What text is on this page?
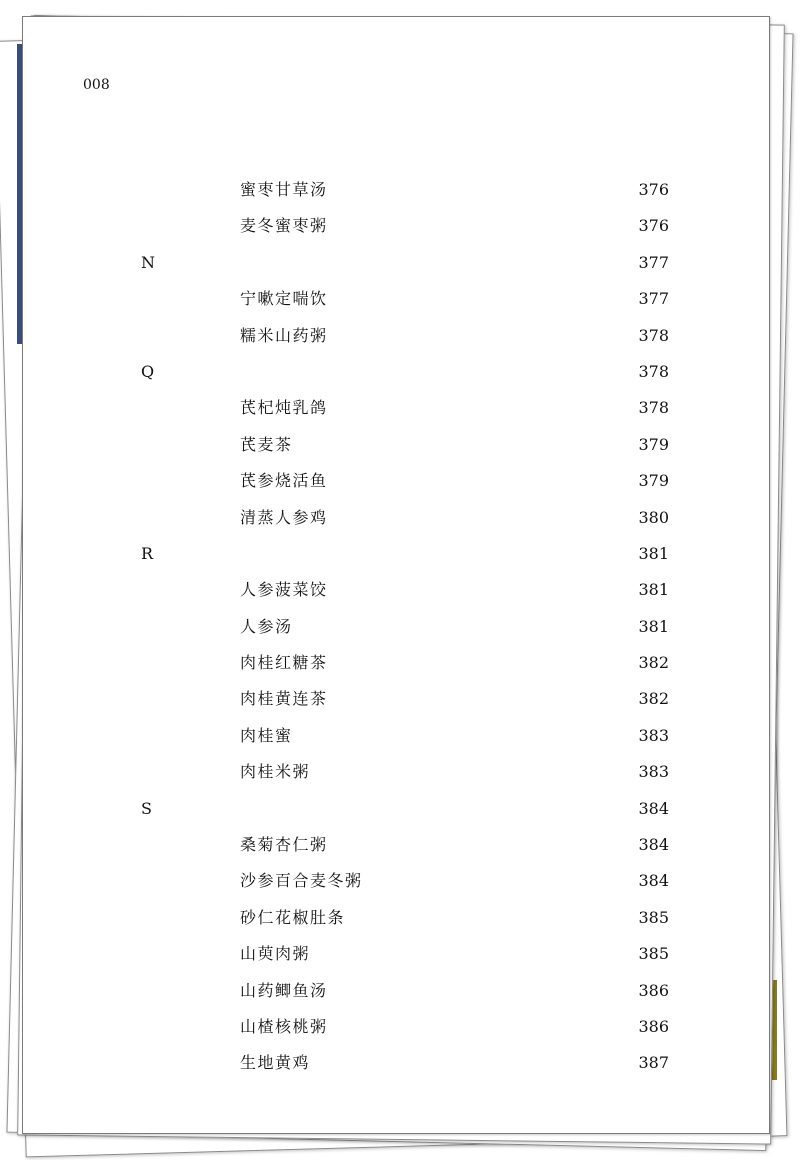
008
蜜枣甘草汤	376
麦冬蜜枣粥	376
N	377
宁嗽定喘饮	377
糯米山药粥	378
Q	378
芪杞炖乳鸽	378
芪麦茶	379
芪参烧活鱼	379
清蒸人参鸡	380
R	381
人参菠菜饺	381
人参汤	381
肉桂红糖茶	382
肉桂黄连茶	382
肉桂蜜	383
肉桂米粥	383
S	384
桑菊杏仁粥	384
沙参百合麦冬粥	384
砂仁花椒肚条	385
山萸肉粥	385
山药鲫鱼汤	386
山楂核桃粥	386
生地黄鸡	387
